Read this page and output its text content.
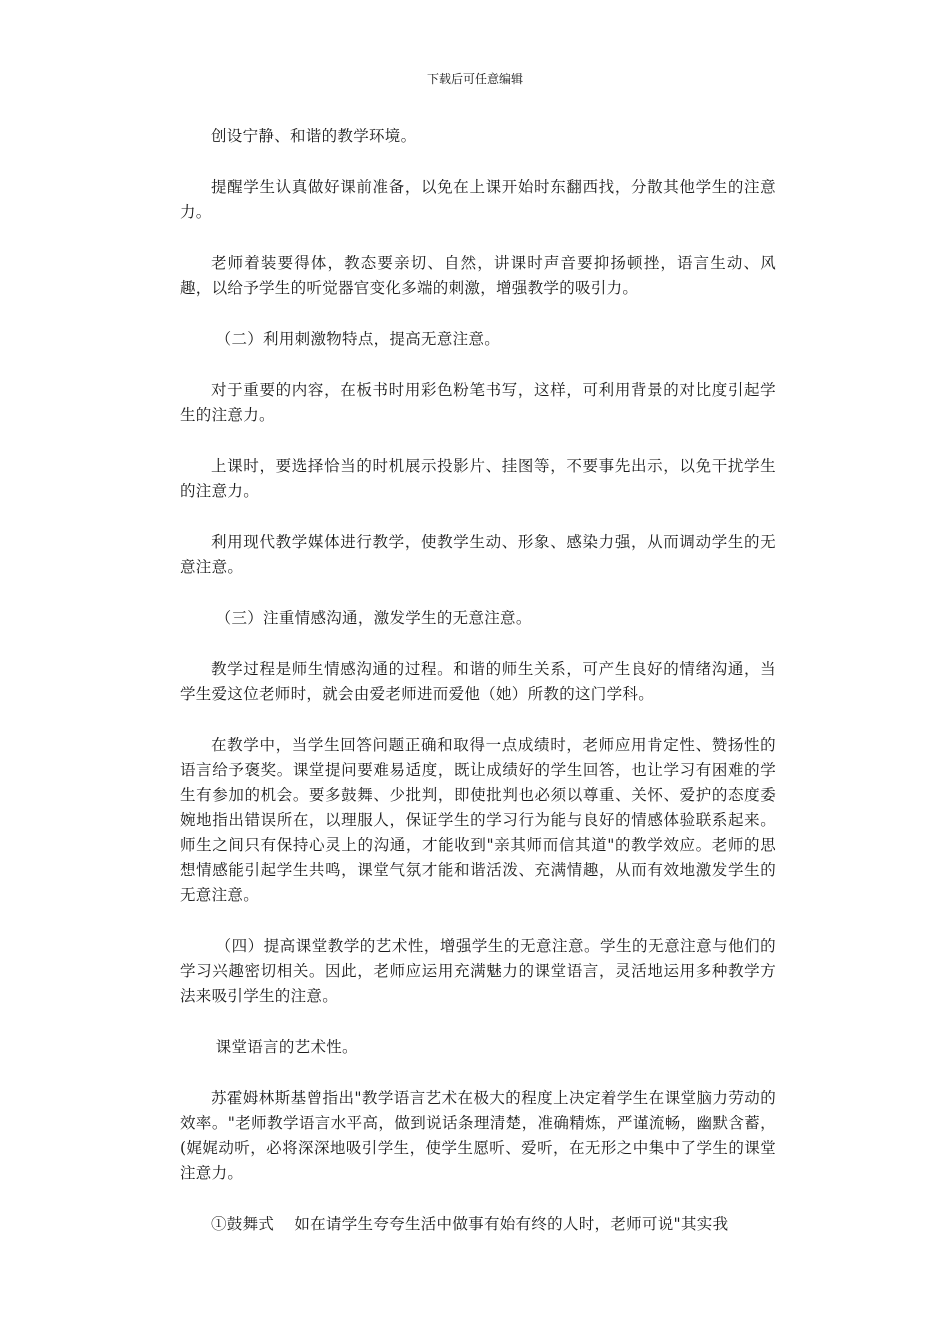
下载后可任意编辑

创设宁静、和谐的教学环境。

提醒学生认真做好课前准备，以免在上课开始时东翻西找，分散其他学生的注意力。

老师着装要得体，教态要亲切、自然，讲课时声音要抑扬顿挫，语言生动、风趣，以给予学生的听觉器官变化多端的刺激，增强教学的吸引力。

（二）利用刺激物特点，提高无意注意。

对于重要的内容，在板书时用彩色粉笔书写，这样，可利用背景的对比度引起学生的注意力。

上课时，要选择恰当的时机展示投影片、挂图等，不要事先出示，以免干扰学生的注意力。

利用现代教学媒体进行教学，使教学生动、形象、感染力强，从而调动学生的无意注意。

（三）注重情感沟通，激发学生的无意注意。

教学过程是师生情感沟通的过程。和谐的师生关系，可产生良好的情绪沟通，当学生爱这位老师时，就会由爱老师进而爱他（她）所教的这门学科。

在教学中，当学生回答问题正确和取得一点成绩时，老师应用肯定性、赞扬性的语言给予褒奖。课堂提问要难易适度，既让成绩好的学生回答，也让学习有困难的学生有参加的机会。要多鼓舞、少批判，即使批判也必须以尊重、关怀、爱护的态度委婉地指出错误所在，以理服人，保证学生的学习行为能与良好的情感体验联系起来。师生之间只有保持心灵上的沟通，才能收到"亲其师而信其道"的教学效应。老师的思想情感能引起学生共鸣，课堂气氛才能和谐活泼、充满情趣，从而有效地激发学生的无意注意。

（四）提高课堂教学的艺术性，增强学生的无意注意。学生的无意注意与他们的学习兴趣密切相关。因此，老师应运用充满魅力的课堂语言，灵活地运用多种教学方法来吸引学生的注意。

课堂语言的艺术性。

苏霍姆林斯基曾指出"教学语言艺术在极大的程度上决定着学生在课堂脑力劳动的效率。"老师教学语言水平高，做到说话条理清楚，准确精炼，严谨流畅，幽默含蓄，(娓娓动听，必将深深地吸引学生，使学生愿听、爱听，在无形之中集中了学生的课堂注意力。

①鼓舞式 如在请学生夸夸生活中做事有始有终的人时，老师可说"其实我
